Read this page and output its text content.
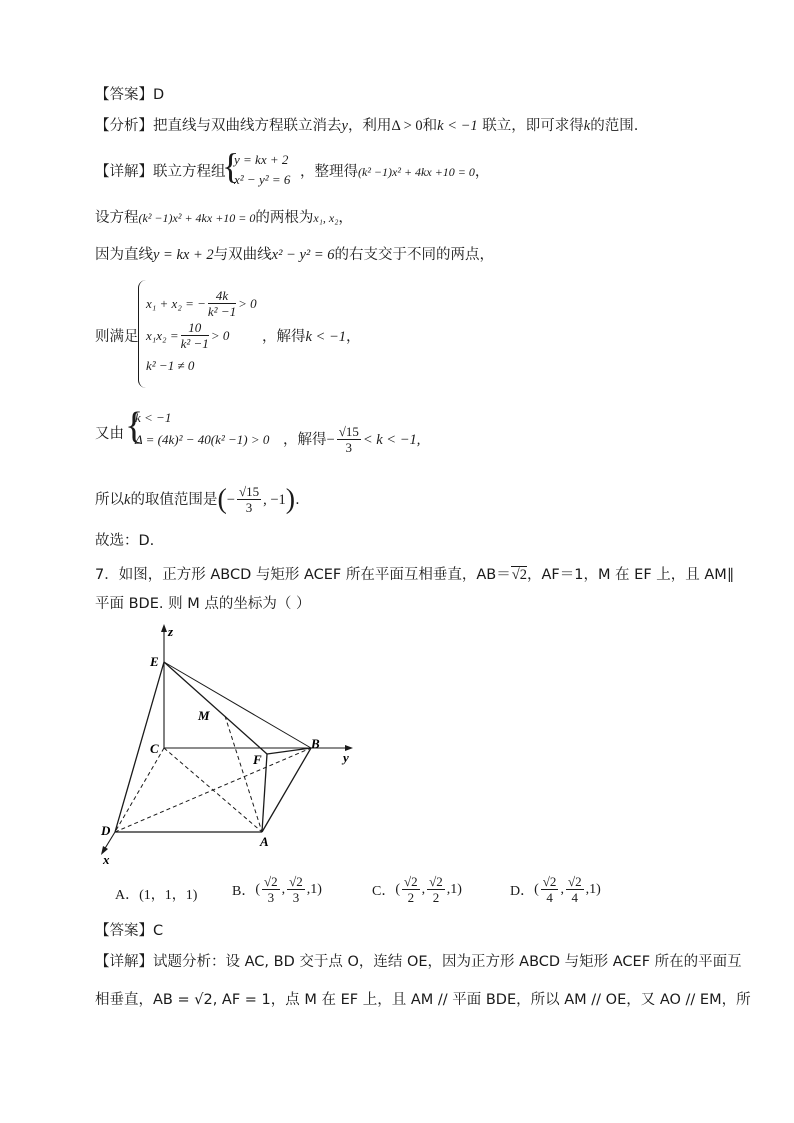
【答案】D
【分析】把直线与双曲线方程联立消去y，利用Δ > 0和k < −1 联立，即可求得k的范围.
【详解】联立方程组
{
y = kx + 2
x² − y² = 6 ，整理得(k² −1)x² + 4kx +10 = 0，
设方程(k² −1)x² + 4kx +10 = 0的两根为x₁, x₂，
因为直线y = kx + 2与双曲线x² − y² = 6的右支交于不同的两点，
则满足
x₁ + x₂ = − $\frac{4k}{\text{k² −1}} > 0$
$x_1x_2 = \frac{10}{\text{k² −1}} > 0$
k² −1 ≠ 0
，解得k < −1，
又由 {
k < −1
Δ = (4k)² − 40(k² −1) > 0 ，解得 − $\frac{√15}{3} < k < -1$,
所以 k 的取值范围是 ( − $\frac{√15}{3}$ , −1 ) .
故选：D.
7．如图，正方形 ABCD 与矩形 ACEF 所在平面互相垂直，AB＝√2，AF＝1，M 在 EF 上，且 AM∥
平面 BDE. 则 M 点的坐标为（ ）
z
y
x
E
M
C
F
B
D
A
A．(1，1，1) B． ( $\frac{√2}{3}$ , $\frac{√2}{3} ,1$)	C． ( $\frac{√2}{2}$ , $\frac{√2}{2} ,1$)	D． ( $\frac{√2}{4}$ , $\frac{√2}{4} ,1$)
【答案】C
【详解】试题分析：设 AC, BD 交于点 O，连结 OE，因为正方形 ABCD 与矩形 ACEF 所在的平面互
相垂直，AB = √2, AF = 1，点 M 在 EF 上，且 AM // 平面 BDE，所以 AM // OE，又 AO // EM，所
